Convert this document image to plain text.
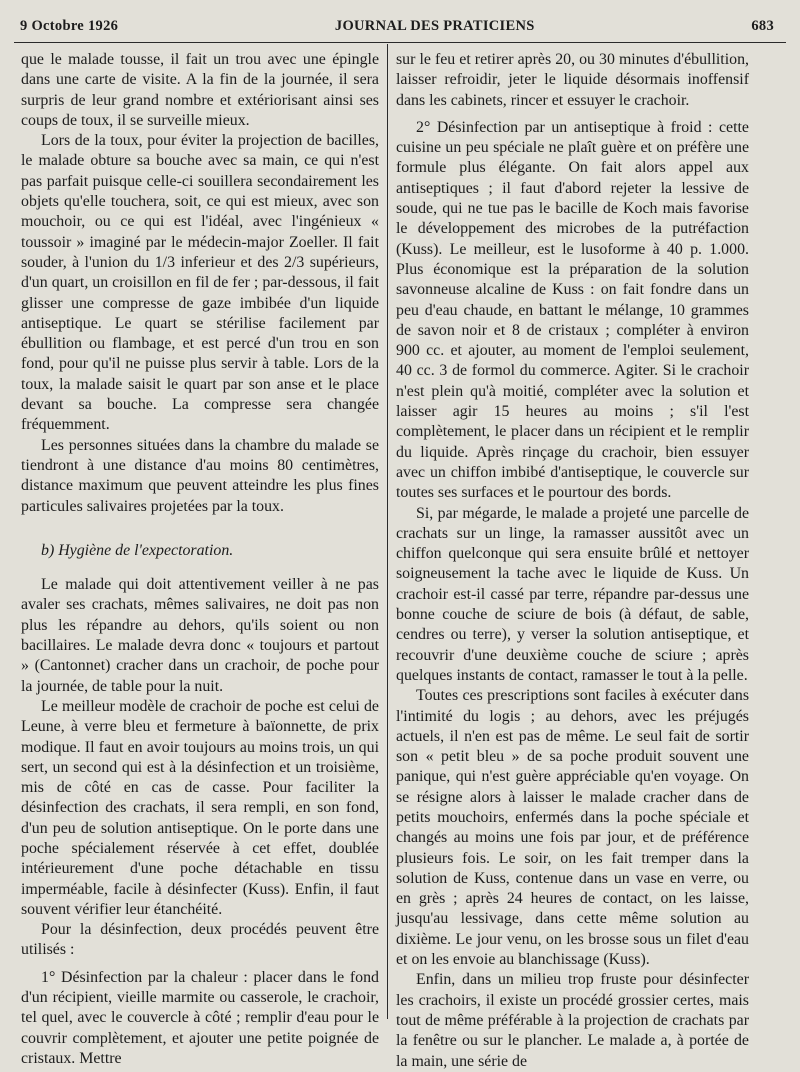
9 Octobre 1926	JOURNAL DES PRATICIENS	683

que le malade tousse, il fait un trou avec une épingle dans une carte de visite. A la fin de la journée, il sera surpris de leur grand nombre et extériorisant ainsi ses coups de toux, il se surveille mieux.

Lors de la toux, pour éviter la projection de bacilles, le malade obture sa bouche avec sa main, ce qui n'est pas parfait puisque celle-ci souillera secondairement les objets qu'elle touchera, soit, ce qui est mieux, avec son mouchoir, ou ce qui est l'idéal, avec l'ingénieux « toussoir » imaginé par le médecin-major Zoeller. Il fait souder, à l'union du 1/3 inferieur et des 2/3 supérieurs, d'un quart, un croisillon en fil de fer ; par-dessous, il fait glisser une compresse de gaze imbibée d'un liquide antiseptique. Le quart se stérilise facilement par ébullition ou flambage, et est percé d'un trou en son fond, pour qu'il ne puisse plus servir à table. Lors de la toux, la malade saisit le quart par son anse et le place devant sa bouche. La compresse sera changée fréquemment.

Les personnes situées dans la chambre du malade se tiendront à une distance d'au moins 80 centimètres, distance maximum que peuvent atteindre les plus fines particules salivaires projetées par la toux.

b) Hygiène de l'expectoration.

Le malade qui doit attentivement veiller à ne pas avaler ses crachats, mêmes salivaires, ne doit pas non plus les répandre au dehors, qu'ils soient ou non bacillaires. Le malade devra donc « toujours et partout » (Cantonnet) cracher dans un crachoir, de poche pour la journée, de table pour la nuit.

Le meilleur modèle de crachoir de poche est celui de Leune, à verre bleu et fermeture à baïonnette, de prix modique. Il faut en avoir toujours au moins trois, un qui sert, un second qui est à la désinfection et un troisième, mis de côté en cas de casse. Pour faciliter la désinfection des crachats, il sera rempli, en son fond, d'un peu de solution antiseptique. On le porte dans une poche spécialement réservée à cet effet, doublée intérieurement d'une poche détachable en tissu imperméable, facile à désinfecter (Kuss). Enfin, il faut souvent vérifier leur étanchéité.

Pour la désinfection, deux procédés peuvent être utilisés :

1° Désinfection par la chaleur : placer dans le fond d'un récipient, vieille marmite ou casserole, le crachoir, tel quel, avec le couvercle à côté ; remplir d'eau pour le couvrir complètement, et ajouter une petite poignée de cristaux. Mettre

sur le feu et retirer après 20, ou 30 minutes d'ébullition, laisser refroidir, jeter le liquide désormais inoffensif dans les cabinets, rincer et essuyer le crachoir.

2° Désinfection par un antiseptique à froid : cette cuisine un peu spéciale ne plaît guère et on préfère une formule plus élégante. On fait alors appel aux antiseptiques ; il faut d'abord rejeter la lessive de soude, qui ne tue pas le bacille de Koch mais favorise le développement des microbes de la putréfaction (Kuss). Le meilleur, est le lusoforme à 40 p. 1.000. Plus économique est la préparation de la solution savonneuse alcaline de Kuss : on fait fondre dans un peu d'eau chaude, en battant le mélange, 10 grammes de savon noir et 8 de cristaux ; compléter à environ 900 cc. et ajouter, au moment de l'emploi seulement, 40 cc. 3 de formol du commerce. Agiter. Si le crachoir n'est plein qu'à moitié, compléter avec la solution et laisser agir 15 heures au moins ; s'il l'est complètement, le placer dans un récipient et le remplir du liquide. Après rinçage du crachoir, bien essuyer avec un chiffon imbibé d'antiseptique, le couvercle sur toutes ses surfaces et le pourtour des bords.

Si, par mégarde, le malade a projeté une parcelle de crachats sur un linge, la ramasser aussitôt avec un chiffon quelconque qui sera ensuite brûlé et nettoyer soigneusement la tache avec le liquide de Kuss. Un crachoir est-il cassé par terre, répandre par-dessus une bonne couche de sciure de bois (à défaut, de sable, cendres ou terre), y verser la solution antiseptique, et recouvrir d'une deuxième couche de sciure ; après quelques instants de contact, ramasser le tout à la pelle.

Toutes ces prescriptions sont faciles à exécuter dans l'intimité du logis ; au dehors, avec les préjugés actuels, il n'en est pas de même. Le seul fait de sortir son « petit bleu » de sa poche produit souvent une panique, qui n'est guère appréciable qu'en voyage. On se résigne alors à laisser le malade cracher dans de petits mouchoirs, enfermés dans la poche spéciale et changés au moins une fois par jour, et de préférence plusieurs fois. Le soir, on les fait tremper dans la solution de Kuss, contenue dans un vase en verre, ou en grès ; après 24 heures de contact, on les laisse, jusqu'au lessivage, dans cette même solution au dixième. Le jour venu, on les brosse sous un filet d'eau et on les envoie au blanchissage (Kuss).

Enfin, dans un milieu trop fruste pour désinfecter les crachoirs, il existe un procédé grossier certes, mais tout de même préférable à la projection de crachats par la fenêtre ou sur le plancher. Le malade a, à portée de la main, une série de
